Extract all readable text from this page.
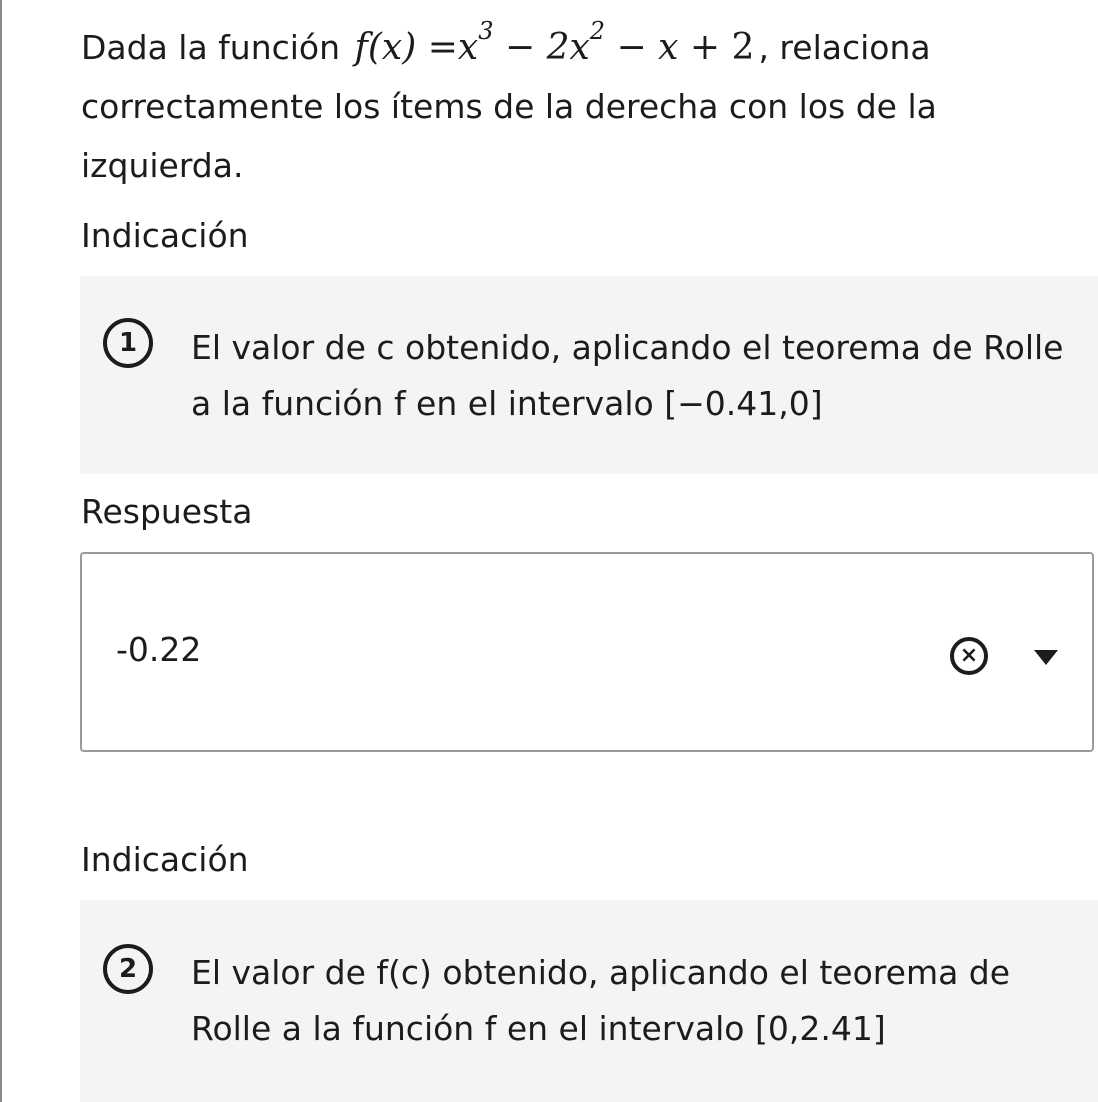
Dada la función $f(x) =x^3 - 2x^2 - x + 2$ , relaciona correctamente los ítems de la derecha con los de la izquierda.
Indicación
1	El valor de c obtenido, aplicando el teorema de Rolle a la función f en el intervalo [−0.41,0]
Respuesta
-0.22	×
Indicación
2	El valor de f(c) obtenido, aplicando el teorema de Rolle a la función f en el intervalo [0,2.41]
